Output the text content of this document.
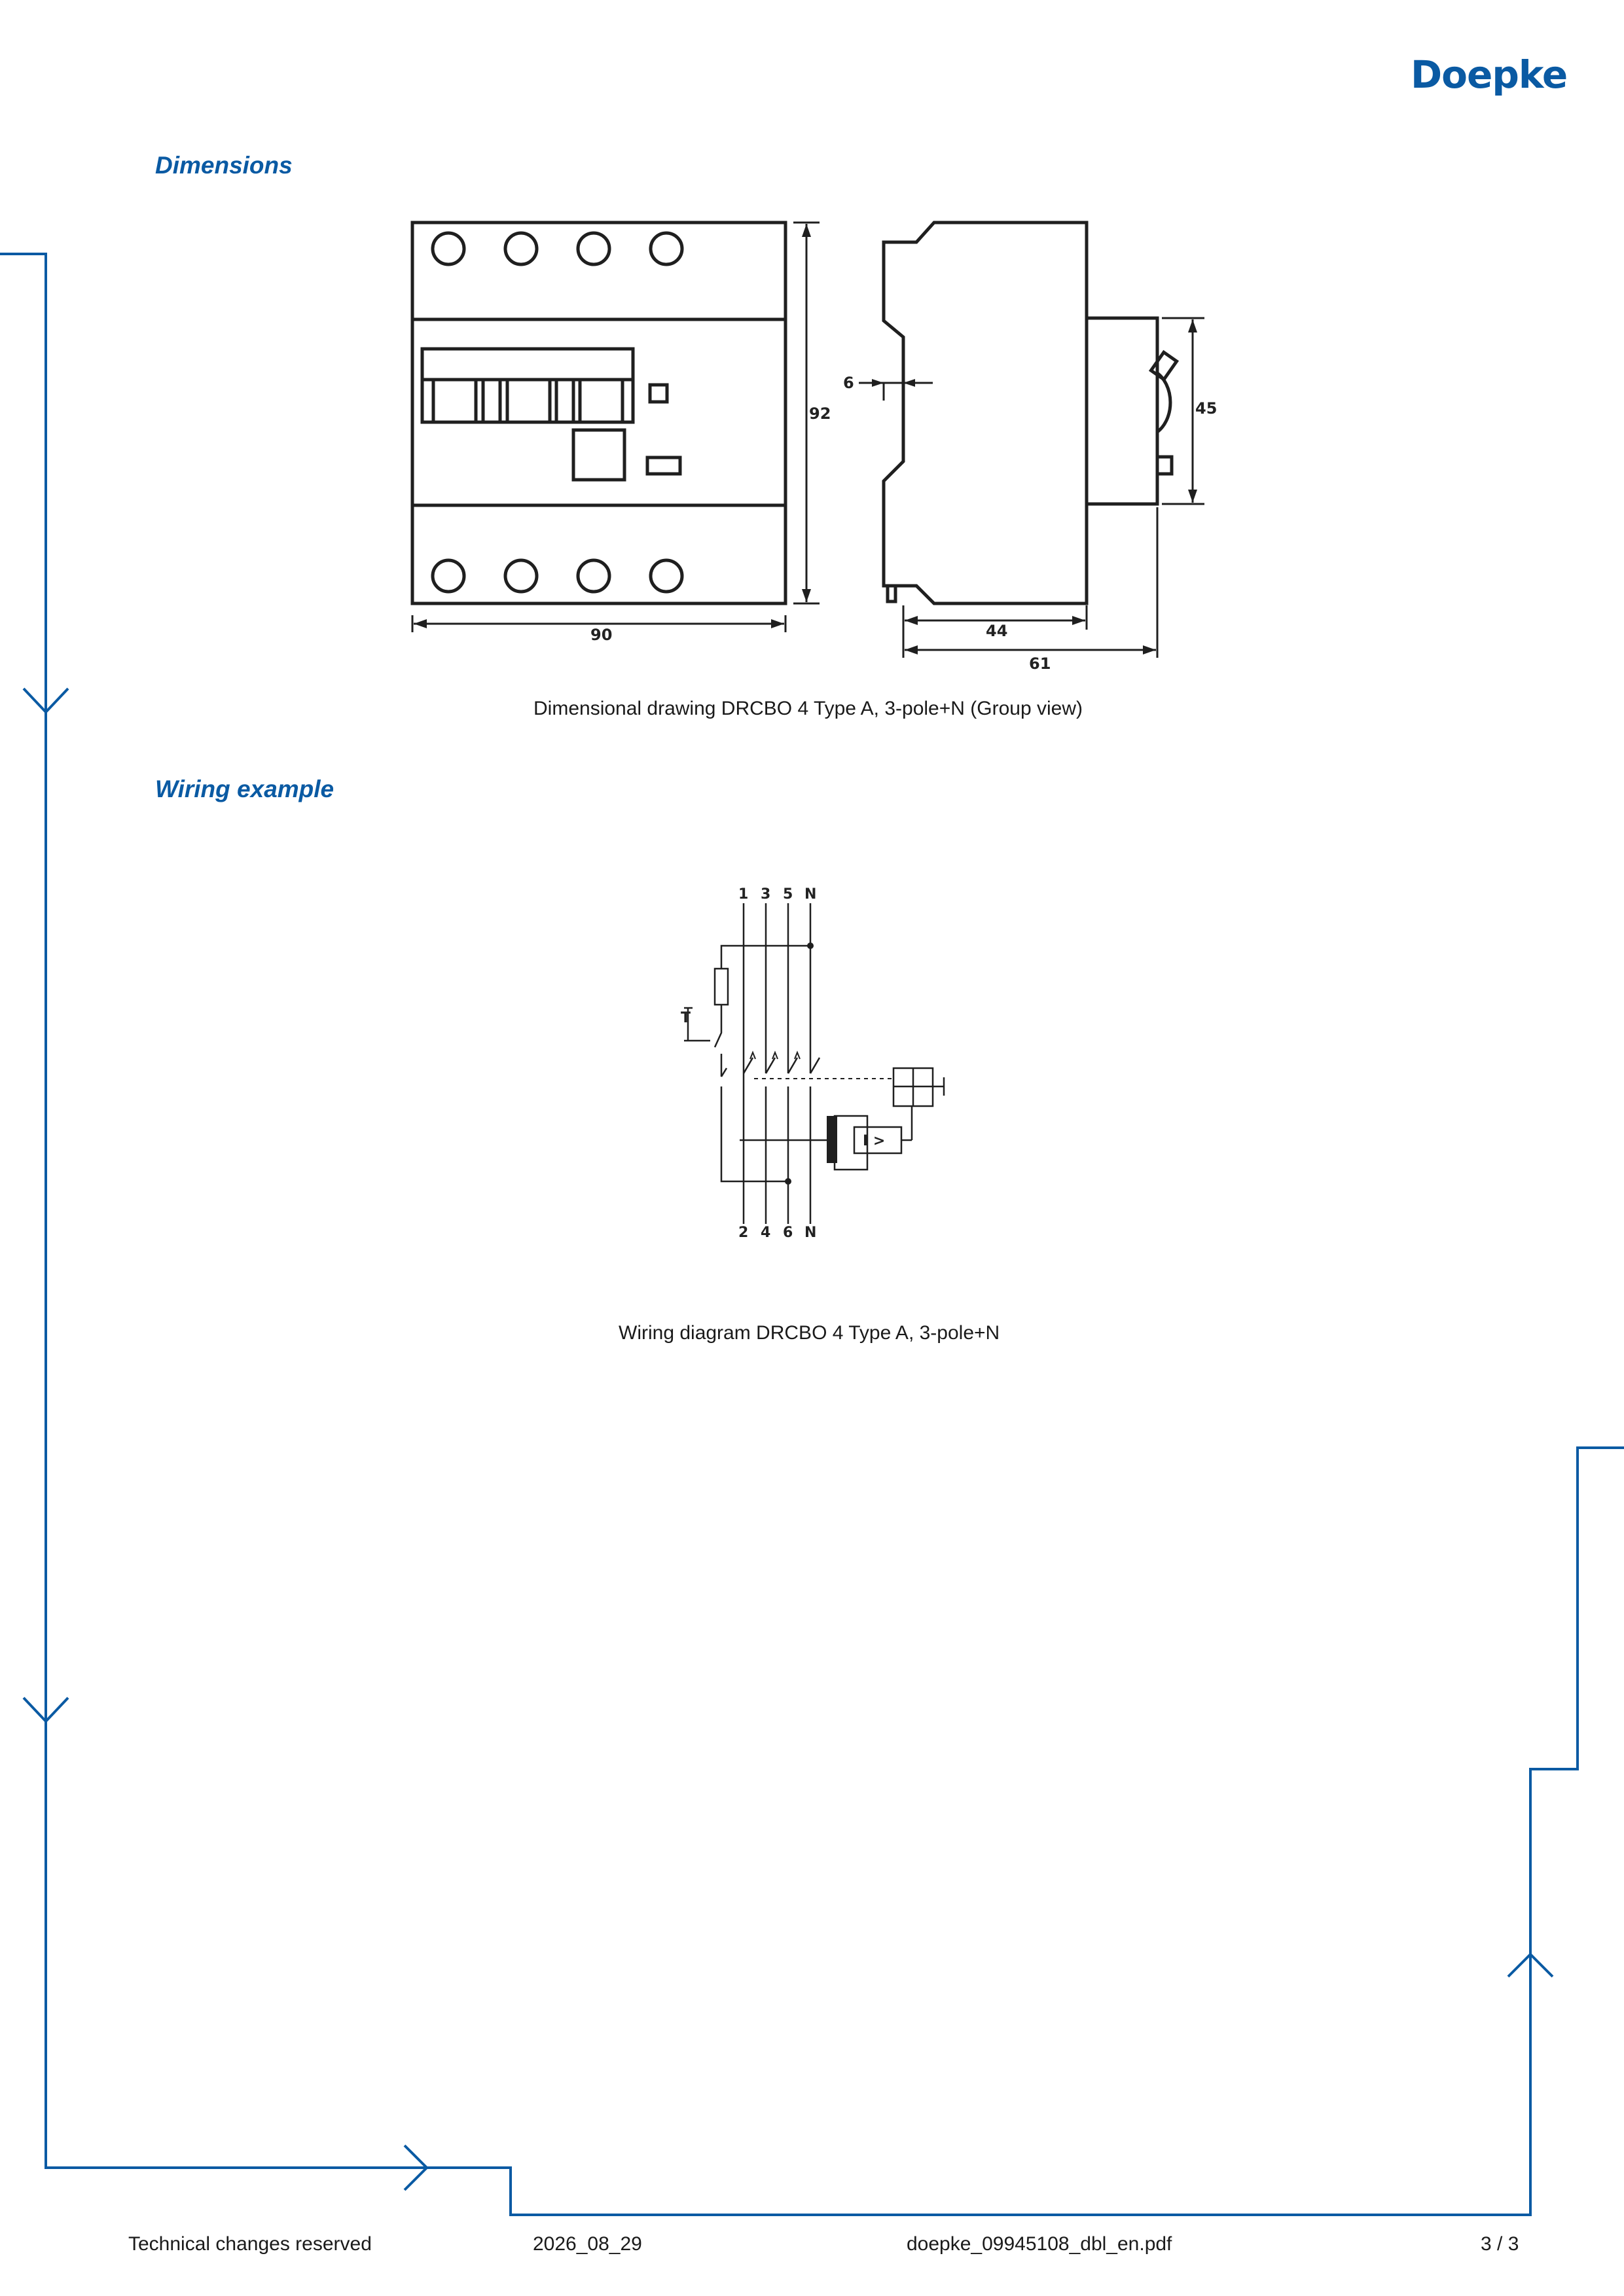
Doepke
Dimensions
90
92
6
45
44
61
Dimensional drawing DRCBO 4 Type A, 3-pole+N (Group view)
Wiring example
1 3 5 N
2 4 6 N
T
I >
Wiring diagram DRCBO 4 Type A, 3-pole+N
Technical changes reserved	2026_08_29	doepke_09945108_dbl_en.pdf	3 / 3
